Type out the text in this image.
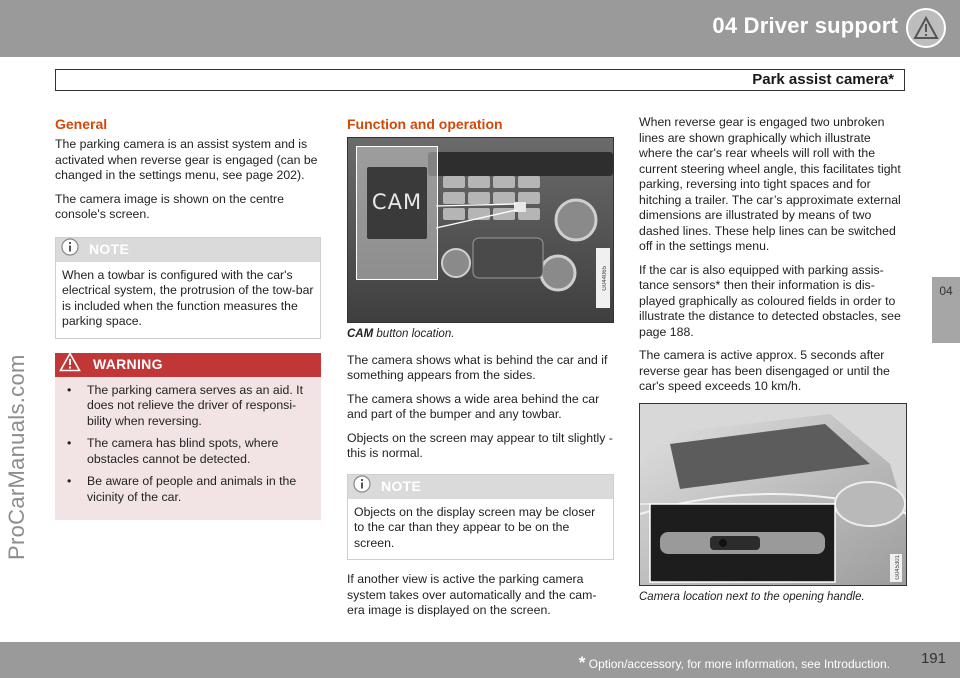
04 Driver support
Park assist camera*
04
ProCarManuals.com
General

The parking camera is an assist system and is activated when reverse gear is engaged (can be changed in the settings menu, see page 202).

The camera image is shown on the centre console's screen.

NOTE
When a towbar is configured with the car's electrical system, the protrusion of the tow-bar is included when the function measures the parking space.
WARNING
• The parking camera serves as an aid. It does not relieve the driver of responsi-bility when reversing.
• The camera has blind spots, where obstacles cannot be detected.
• Be aware of people and animals in the vicinity of the car.
Function and operation
CAM
G044065
CAM button location.

The camera shows what is behind the car and if something appears from the sides.

The camera shows a wide area behind the car and part of the bumper and any towbar.

Objects on the screen may appear to tilt slightly - this is normal.

NOTE
Objects on the display screen may be closer to the car than they appear to be on the screen.

If another view is active the parking camera system takes over automatically and the cam-era image is displayed on the screen.

When reverse gear is engaged two unbroken lines are shown graphically which illustrate where the car's rear wheels will roll with the current steering wheel angle, this facilitates tight parking, reversing into tight spaces and for hitching a trailer. The car’s approximate external dimensions are illustrated by means of two dashed lines. These help lines can be switched off in the settings menu.

If the car is also equipped with parking assis-tance sensors* then their information is dis-played graphically as coloured fields in order to illustrate the distance to detected obstacles, see page 188.

The camera is active approx. 5 seconds after reverse gear has been disengaged or until the car's speed exceeds 10 km/h.

G045301
Camera location next to the opening handle.
* Option/accessory, for more information, see Introduction. 191
